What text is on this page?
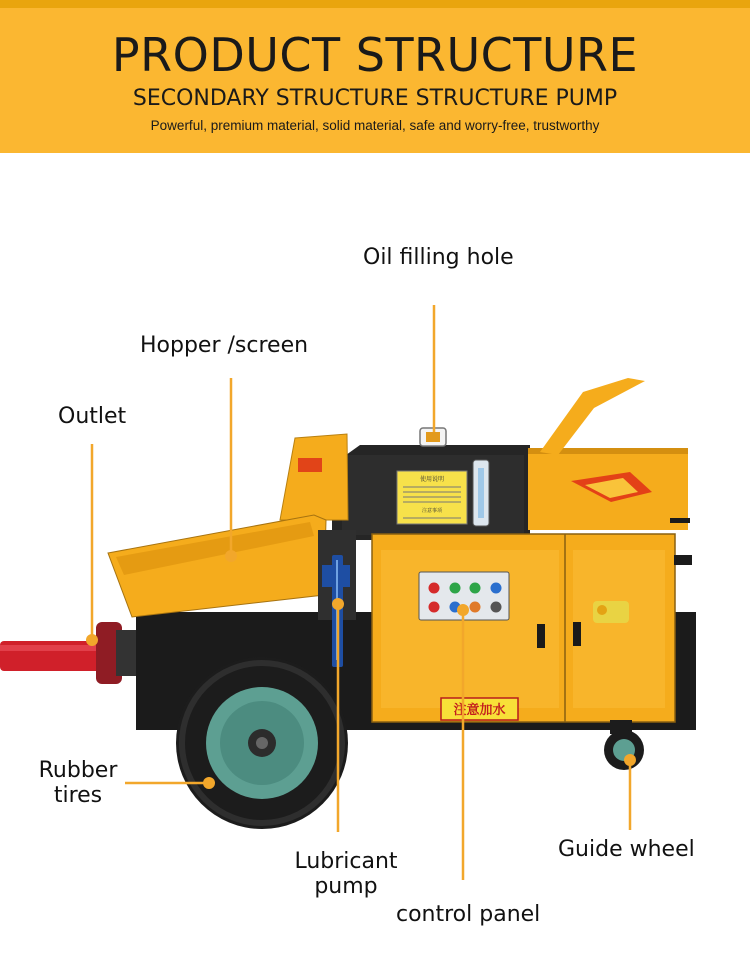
PRODUCT STRUCTURE
SECONDARY STRUCTURE STRUCTURE PUMP
Powerful, premium material, solid material, safe and worry-free, trustworthy
使用说明
注意事项
注意加水
Oil filling hole
Hopper /screen
Outlet
Rubber
tires
Lubricant
pump
control panel
Guide wheel
